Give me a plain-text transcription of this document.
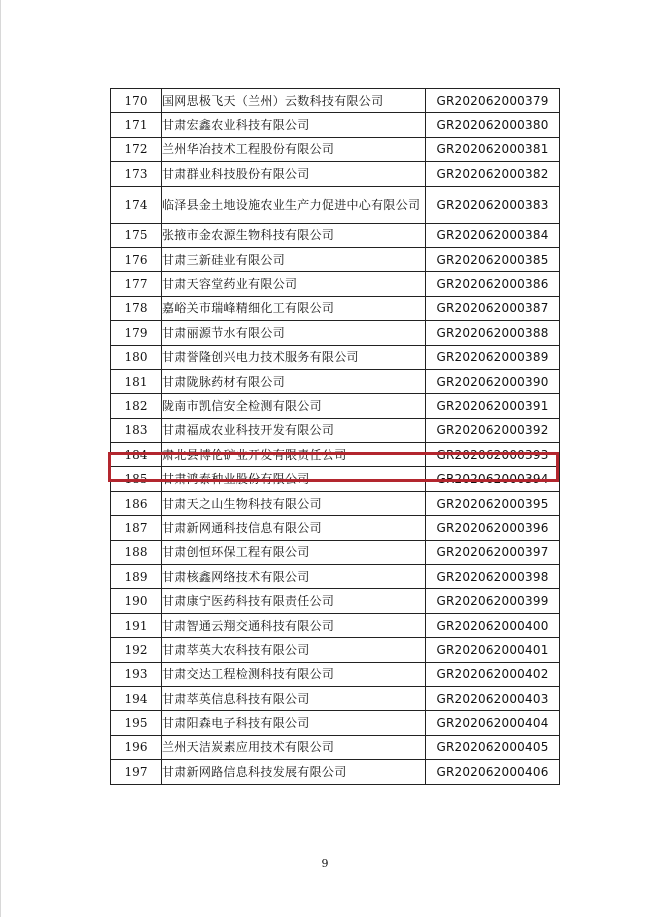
170	国网思极飞天（兰州）云数科技有限公司	GR202062000379
171	甘肃宏鑫农业科技有限公司	GR202062000380
172	兰州华冶技术工程股份有限公司	GR202062000381
173	甘肃群业科技股份有限公司	GR202062000382
174	临泽县金土地设施农业生产力促进中心有限公司	GR202062000383
175	张掖市金农源生物科技有限公司	GR202062000384
176	甘肃三新硅业有限公司	GR202062000385
177	甘肃天容堂药业有限公司	GR202062000386
178	嘉峪关市瑞峰精细化工有限公司	GR202062000387
179	甘肃丽源节水有限公司	GR202062000388
180	甘肃誉隆创兴电力技术服务有限公司	GR202062000389
181	甘肃陇脉药材有限公司	GR202062000390
182	陇南市凯信安全检测有限公司	GR202062000391
183	甘肃福成农业科技开发有限公司	GR202062000392
184	肃北县博伦矿业开发有限责任公司	GR202062000393
185	甘肃鸿泰种业股份有限公司	GR202062000394
186	甘肃天之山生物科技有限公司	GR202062000395
187	甘肃新网通科技信息有限公司	GR202062000396
188	甘肃创恒环保工程有限公司	GR202062000397
189	甘肃核鑫网络技术有限公司	GR202062000398
190	甘肃康宁医药科技有限责任公司	GR202062000399
191	甘肃智通云翔交通科技有限公司	GR202062000400
192	甘肃萃英大农科技有限公司	GR202062000401
193	甘肃交达工程检测科技有限公司	GR202062000402
194	甘肃萃英信息科技有限公司	GR202062000403
195	甘肃阳森电子科技有限公司	GR202062000404
196	兰州天洁炭素应用技术有限公司	GR202062000405
197	甘肃新网路信息科技发展有限公司	GR202062000406
9
